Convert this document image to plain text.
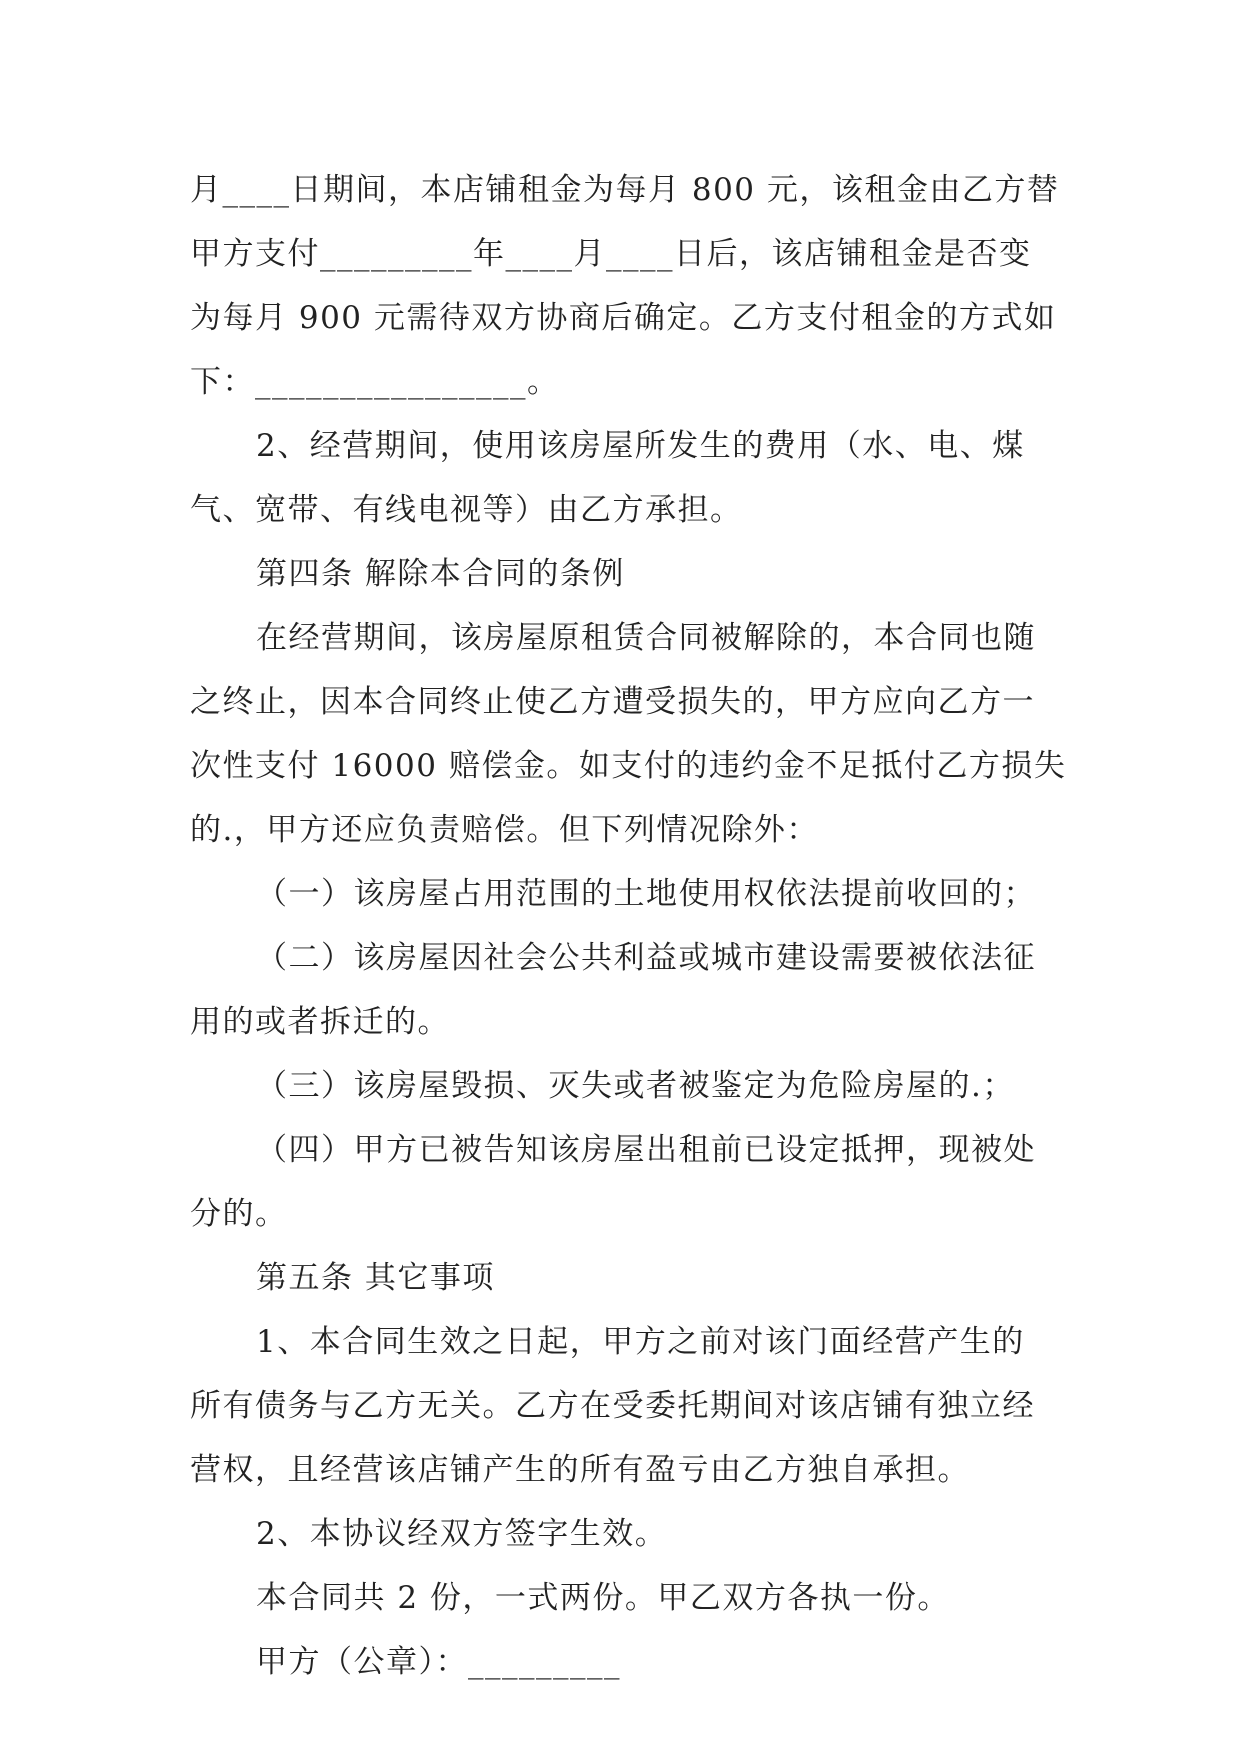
月____日期间，本店铺租金为每月 800 元，该租金由乙方替
甲方支付_________年____月____日后，该店铺租金是否变
为每月 900 元需待双方协商后确定。乙方支付租金的方式如
下：________________。
2、经营期间，使用该房屋所发生的费用（水、电、煤
气、宽带、有线电视等）由乙方承担。
第四条 解除本合同的条例
在经营期间，该房屋原租赁合同被解除的，本合同也随
之终止，因本合同终止使乙方遭受损失的，甲方应向乙方一
次性支付 16000 赔偿金。如支付的违约金不足抵付乙方损失
的.，甲方还应负责赔偿。但下列情况除外：
（一）该房屋占用范围的土地使用权依法提前收回的；
（二）该房屋因社会公共利益或城市建设需要被依法征
用的或者拆迁的。
（三）该房屋毁损、灭失或者被鉴定为危险房屋的.；
（四）甲方已被告知该房屋出租前已设定抵押，现被处
分的。
第五条 其它事项
1、本合同生效之日起，甲方之前对该门面经营产生的
所有债务与乙方无关。乙方在受委托期间对该店铺有独立经
营权，且经营该店铺产生的所有盈亏由乙方独自承担。
2、本协议经双方签字生效。
本合同共 2 份，一式两份。甲乙双方各执一份。
甲方（公章）：_________
